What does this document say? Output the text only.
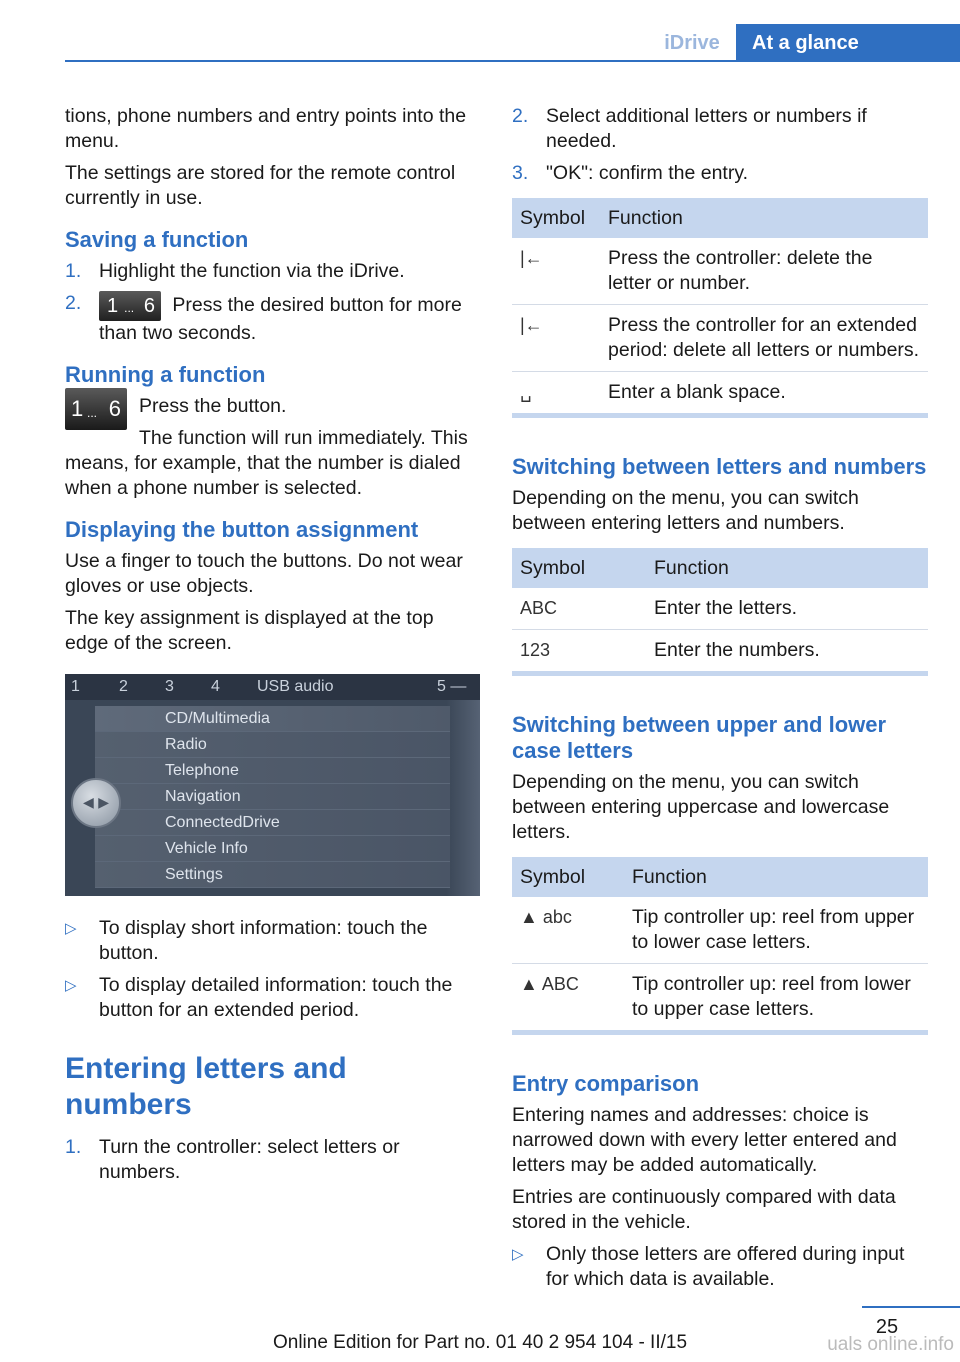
iDrive	At a glance

tions, phone numbers and entry points into the menu.

The settings are stored for the remote control currently in use.

Saving a function
1. Highlight the function via the iDrive.
2. 1 ... 6 Press the desired button for more than two seconds.
Running a function
1 ... 6 Press the button.

The function will run immediately. This means, for example, that the number is dialed when a phone number is selected.

Displaying the button assignment

Use a finger to touch the buttons. Do not wear gloves or use objects.

The key assignment is displayed at the top edge of the screen.

1 2 3 4 USB audio	5 —
CD/Multimedia
Radio
Telephone
Navigation
ConnectedDrive
Vehicle Info
Settings
◀ ▶
▷ To display short information: touch the button.
▷ To display detailed information: touch the button for an extended period.
Entering letters and numbers
1. Turn the controller: select letters or numbers.
2. Select additional letters or numbers if needed.
3. "OK": confirm the entry.
Symbol	Function
|←	Press the controller: delete the letter or number.
|←	Press the controller for an extended period: delete all letters or numbers.
␣	Enter a blank space.
Switching between letters and numbers

Depending on the menu, you can switch between entering letters and numbers.

Symbol	Function
ABC	Enter the letters.
123	Enter the numbers.
Switching between upper and lower case letters

Depending on the menu, you can switch between entering uppercase and lowercase letters.

Symbol	Function
▲ abc	Tip controller up: reel from upper to lower case letters.
▲ ABC	Tip controller up: reel from lower to upper case letters.
Entry comparison

Entering names and addresses: choice is narrowed down with every letter entered and letters may be added automatically.

Entries are continuously compared with data stored in the vehicle.

▷ Only those letters are offered during input for which data is available.
25
Online Edition for Part no. 01 40 2 954 104 - II/15	uals online.info
